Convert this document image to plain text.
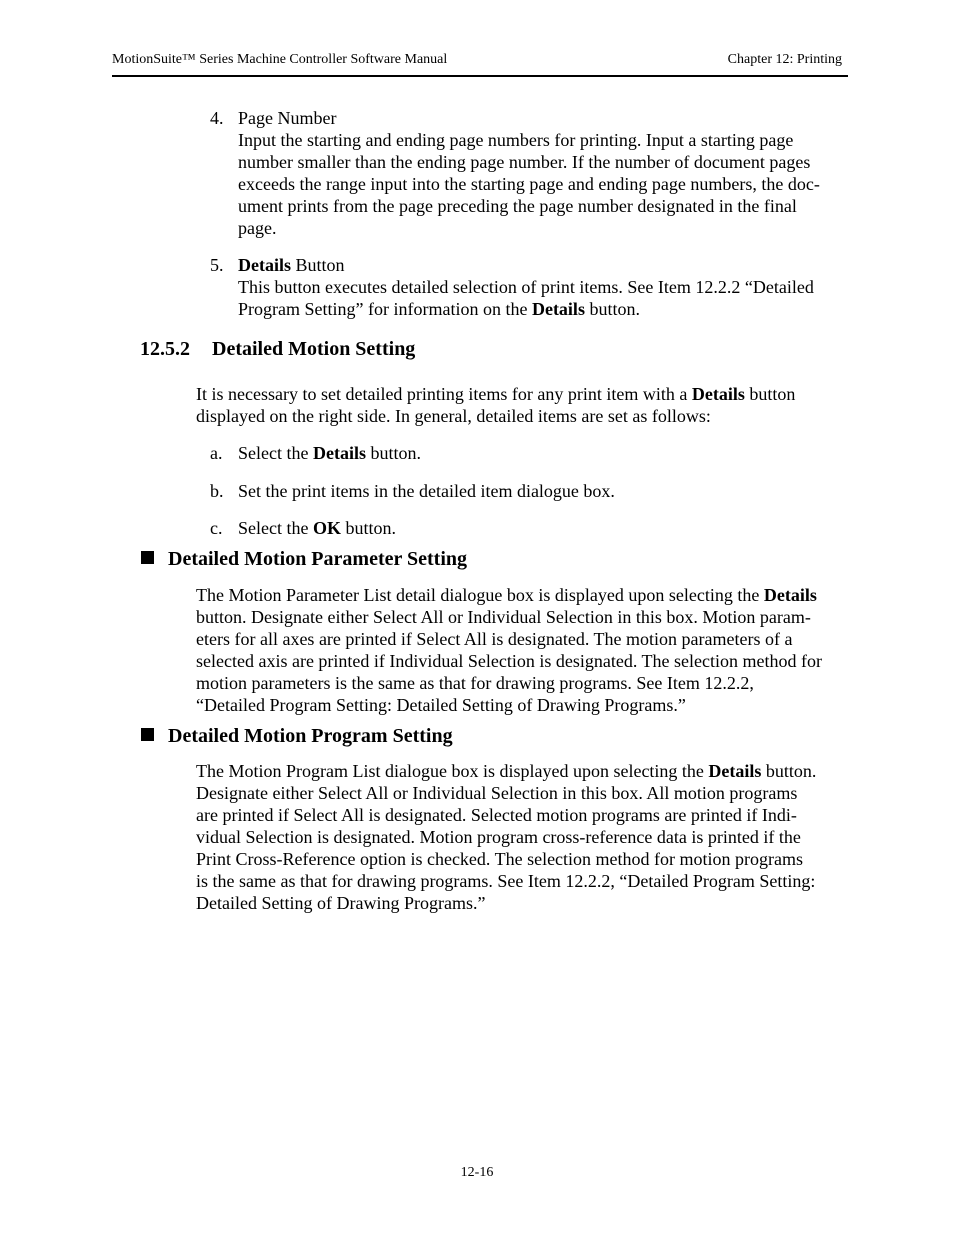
MotionSuite™ Series Machine Controller Software Manual	Chapter 12: Printing
4. Page Number
Input the starting and ending page numbers for printing. Input a starting page
number smaller than the ending page number. If the number of document pages
exceeds the range input into the starting page and ending page numbers, the doc-
ument prints from the page preceding the page number designated in the final
page.
5. Details Button
This button executes detailed selection of print items. See Item 12.2.2 “Detailed
Program Setting” for information on the Details button.
12.5.2 Detailed Motion Setting
It is necessary to set detailed printing items for any print item with a Details button
displayed on the right side. In general, detailed items are set as follows:
a. Select the Details button.
b. Set the print items in the detailed item dialogue box.
c. Select the OK button.
Detailed Motion Parameter Setting
The Motion Parameter List detail dialogue box is displayed upon selecting the Details
button. Designate either Select All or Individual Selection in this box. Motion param-
eters for all axes are printed if Select All is designated. The motion parameters of a
selected axis are printed if Individual Selection is designated. The selection method for
motion parameters is the same as that for drawing programs. See Item 12.2.2,
“Detailed Program Setting: Detailed Setting of Drawing Programs.”
Detailed Motion Program Setting
The Motion Program List dialogue box is displayed upon selecting the Details button.
Designate either Select All or Individual Selection in this box. All motion programs
are printed if Select All is designated. Selected motion programs are printed if Indi-
vidual Selection is designated. Motion program cross-reference data is printed if the
Print Cross-Reference option is checked. The selection method for motion programs
is the same as that for drawing programs. See Item 12.2.2, “Detailed Program Setting:
Detailed Setting of Drawing Programs.”
12-16
